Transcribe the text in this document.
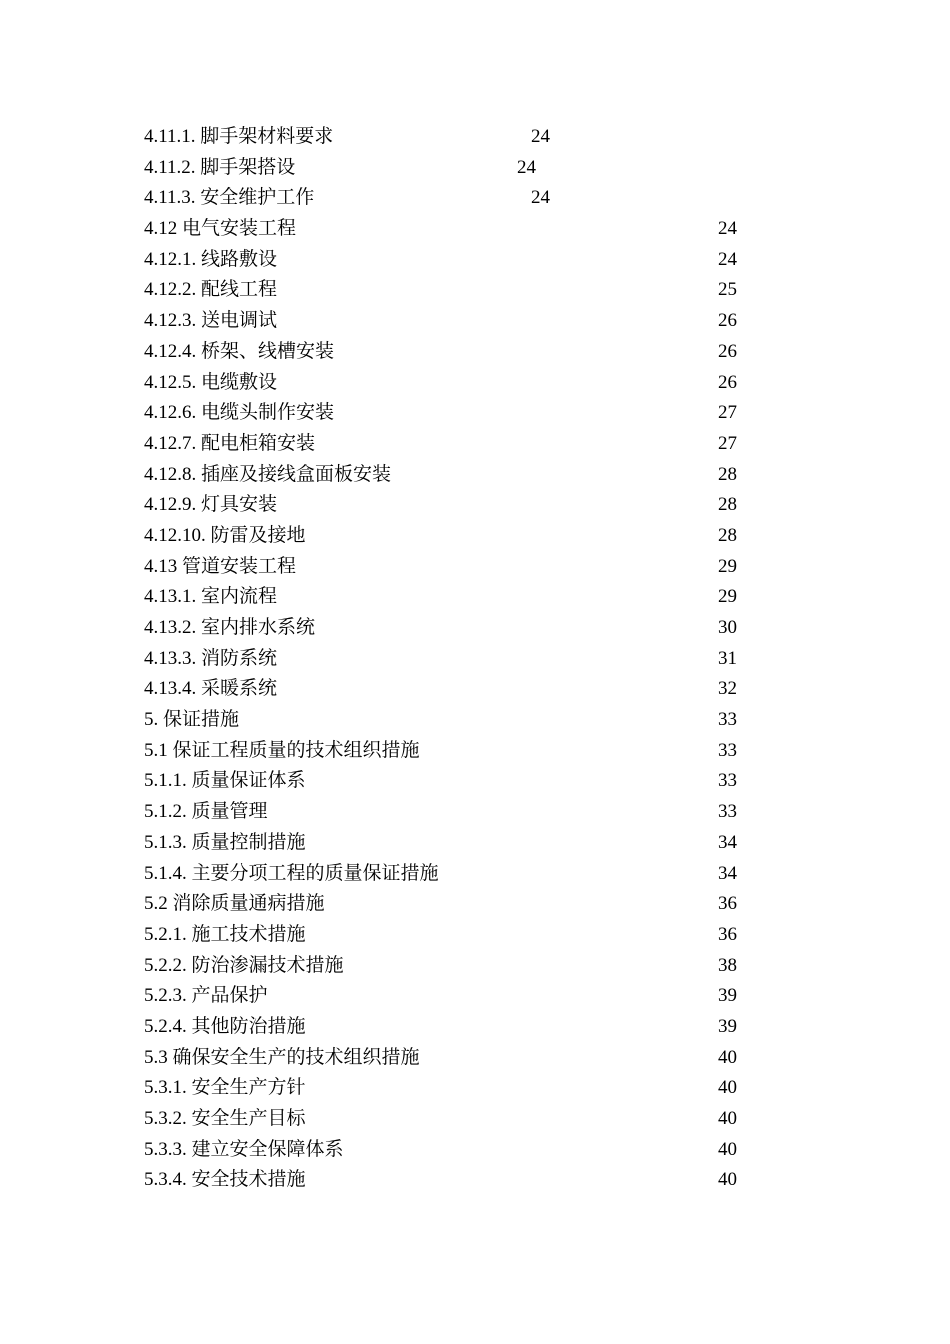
4.11.1. 脚手架材料要求	24
4.11.2. 脚手架搭设	24
4.11.3. 安全维护工作	24
4.12 电气安装工程	24
4.12.1. 线路敷设	24
4.12.2. 配线工程	25
4.12.3. 送电调试	26
4.12.4. 桥架、线槽安装	26
4.12.5. 电缆敷设	26
4.12.6. 电缆头制作安装	27
4.12.7. 配电柜箱安装	27
4.12.8. 插座及接线盒面板安装	28
4.12.9. 灯具安装	28
4.12.10. 防雷及接地	28
4.13 管道安装工程	29
4.13.1. 室内流程	29
4.13.2. 室内排水系统	30
4.13.3. 消防系统	31
4.13.4. 采暖系统	32
5. 保证措施	33
5.1 保证工程质量的技术组织措施	33
5.1.1. 质量保证体系	33
5.1.2. 质量管理	33
5.1.3. 质量控制措施	34
5.1.4. 主要分项工程的质量保证措施	34
5.2 消除质量通病措施	36
5.2.1. 施工技术措施	36
5.2.2. 防治渗漏技术措施	38
5.2.3. 产品保护	39
5.2.4. 其他防治措施	39
5.3 确保安全生产的技术组织措施	40
5.3.1. 安全生产方针	40
5.3.2. 安全生产目标	40
5.3.3. 建立安全保障体系	40
5.3.4. 安全技术措施	40
